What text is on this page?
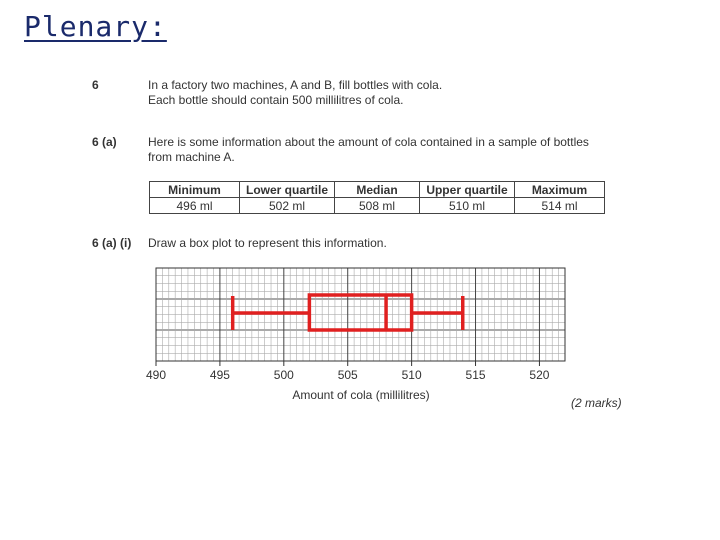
Plenary:
6	In a factory two machines, A and B, fill bottles with cola.
Each bottle should contain 500 millilitres of cola.
6 (a)	Here is some information about the amount of cola contained in a sample of bottles
from machine A.
Minimum	Lower quartile	Median	Upper quartile	Maximum
496 ml	502 ml	508 ml	510 ml	514 ml
6 (a) (i) Draw a box plot to represent this information.
490	495	500	505	510	515	520
Amount of cola (millilitres)
(2 marks)
